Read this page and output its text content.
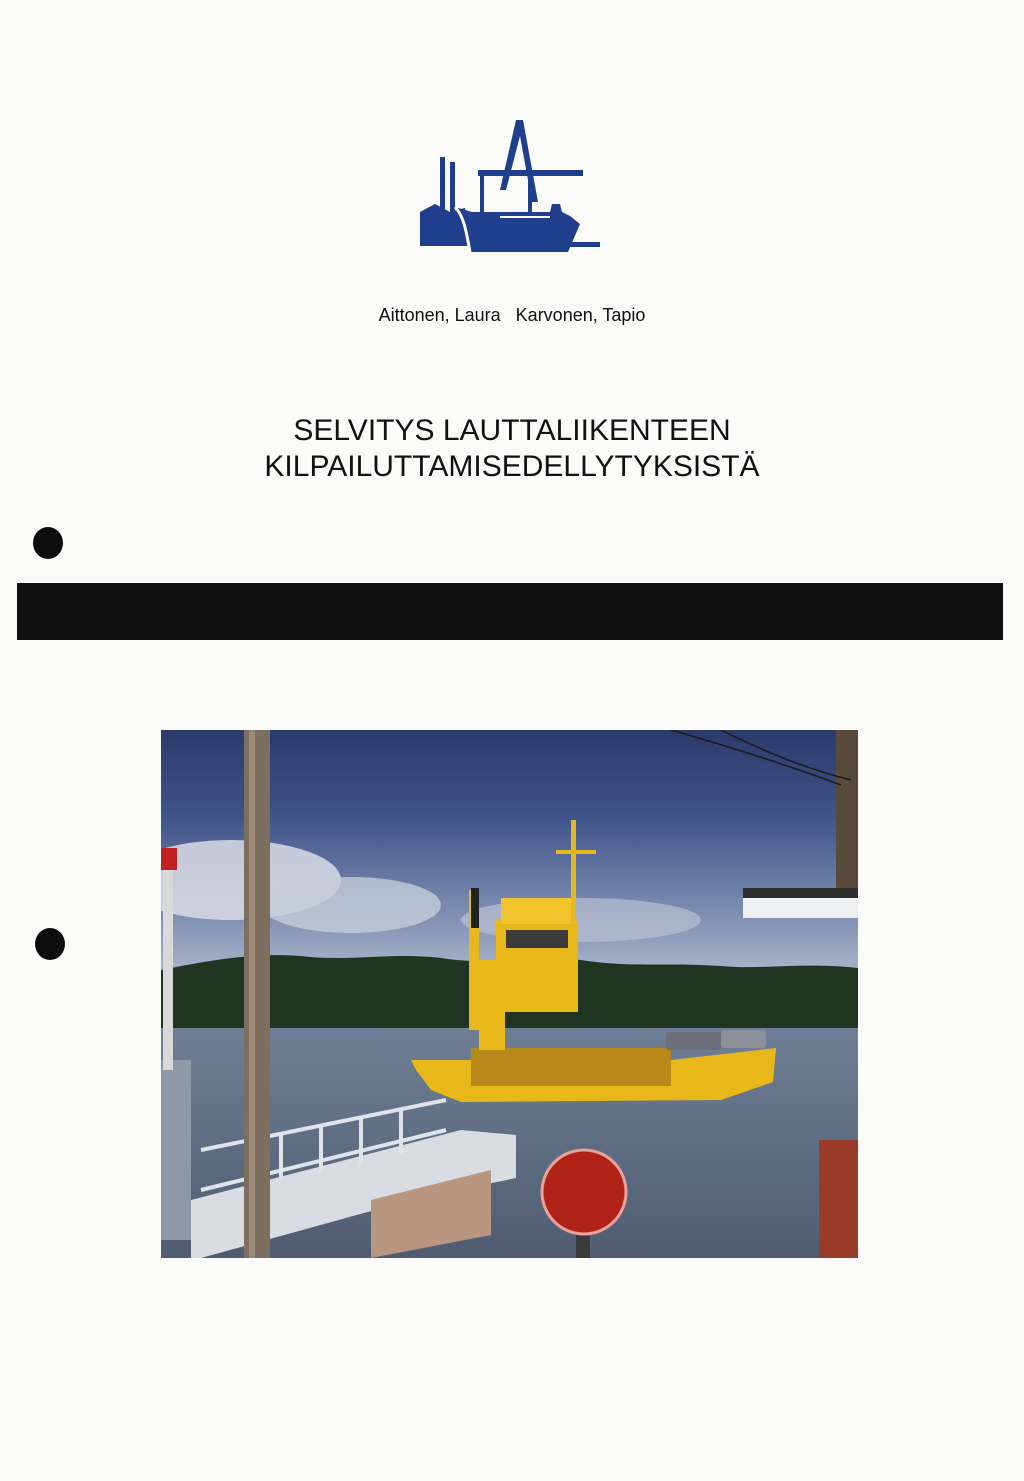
Aittonen, Laura Karvonen, Tapio
SELVITYS LAUTTALIIKENTEEN
KILPAILUTTAMISEDELLYTYKSISTÄ
